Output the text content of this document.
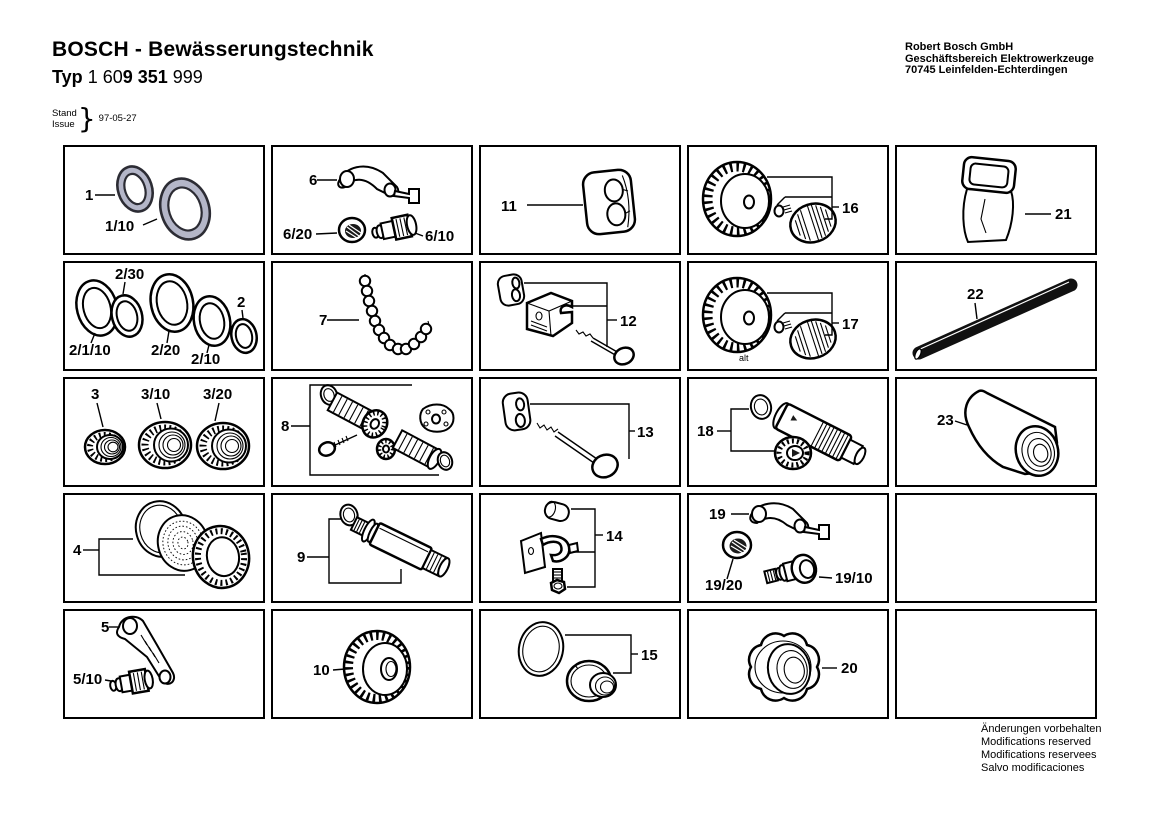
BOSCH - Bewässerungstechnik
Typ 1 609 351 999
Stand
Issue } 97-05-27
Robert Bosch GmbH
Geschäftsbereich Elektrowerkzeuge
70745 Leinfelden-Echterdingen
Änderungen vorbehalten
Modifications reserved
Modifications reservees
Salvo modificaciones
1
1/10
6
6/20	6/10
11	16	21
2/30
2
2/1/10	2/20
2/10
7	12
alt
17
22
3	3/10 3/20
8	13	18
23
4	9
14
19
19/20	19/10
5
5/10
10
15
20
